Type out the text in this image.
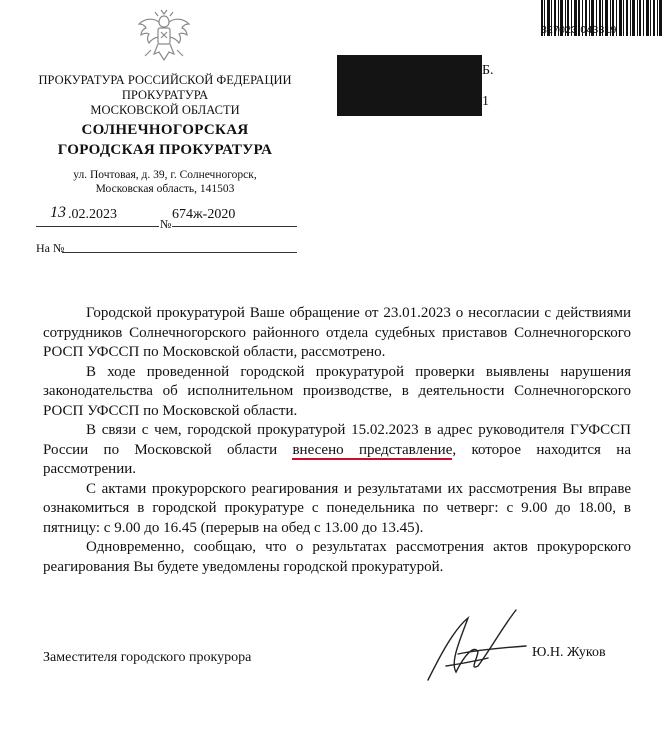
327023 043319
ПРОКУРАТУРА РОССИЙСКОЙ ФЕДЕРАЦИИ
ПРОКУРАТУРА
МОСКОВСКОЙ ОБЛАСТИ
СОЛНЕЧНОГОРСКАЯ
ГОРОДСКАЯ ПРОКУРАТУРА
ул. Почтовая, д. 39, г. Солнечногорск,
Московская область, 141503
13 .02.2023
№
674ж-2020
На №
Б.
1

Городской прокуратурой Ваше обращение от 23.01.2023 о несогласии с действиями сотрудников Солнечногорского районного отдела судебных приставов Солнечногорского РОСП УФССП по Московской области, рассмотрено.

В ходе проведенной городской прокуратурой проверки выявлены нарушения законодательства об исполнительном производстве, в деятельности Солнечногорского РОСП УФССП по Московской области.

В связи с чем, городской прокуратурой 15.02.2023 в адрес руководителя ГУФССП России по Московской области внесено представление, которое находится на рассмотрении.

С актами прокурорского реагирования и результатами их рассмотрения Вы вправе ознакомиться в городской прокуратуре с понедельника по четверг: с 9.00 до 18.00, в пятницу: с 9.00 до 16.45 (перерыв на обед с 13.00 до 13.45).

Одновременно, сообщаю, что о результатах рассмотрения актов прокурорского реагирования Вы будете уведомлены городской прокуратурой.

Заместителя городского прокурора	Ю.Н. Жуков
